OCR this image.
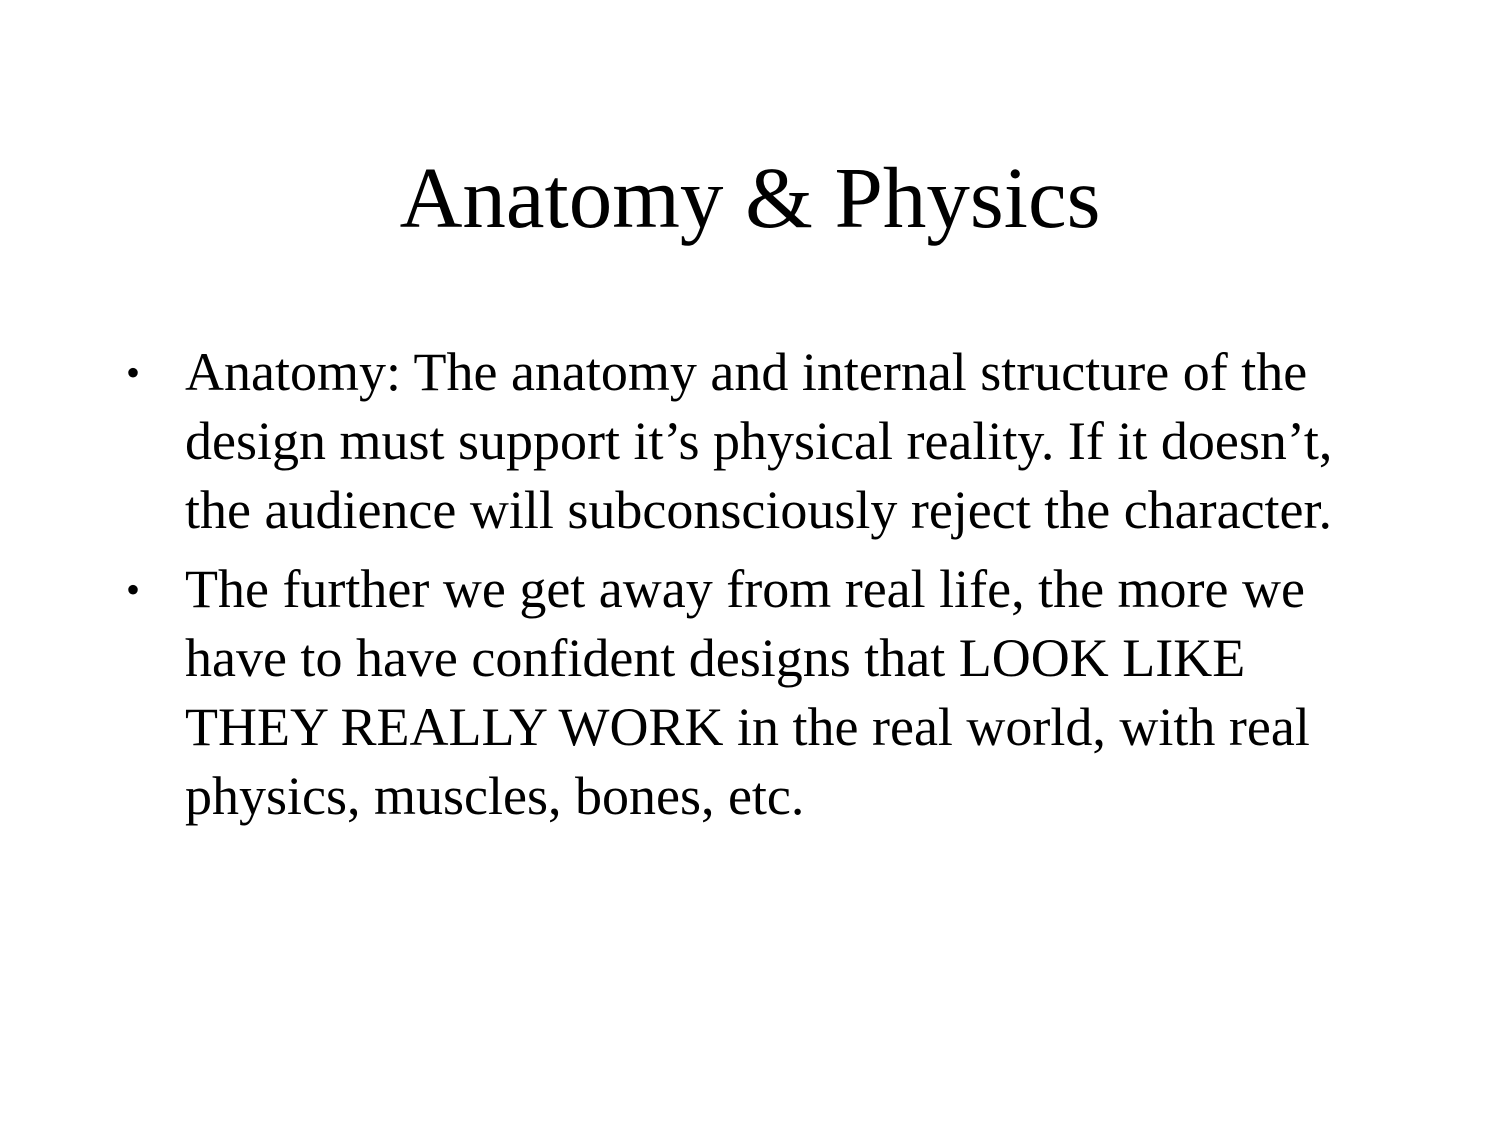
Anatomy & Physics
• Anatomy: The anatomy and internal structure of the design must support it’s physical reality. If it doesn’t, the audience will subconsciously reject the character.
• The further we get away from real life, the more we have to have confident designs that LOOK LIKE THEY REALLY WORK in the real world, with real physics, muscles, bones, etc.
